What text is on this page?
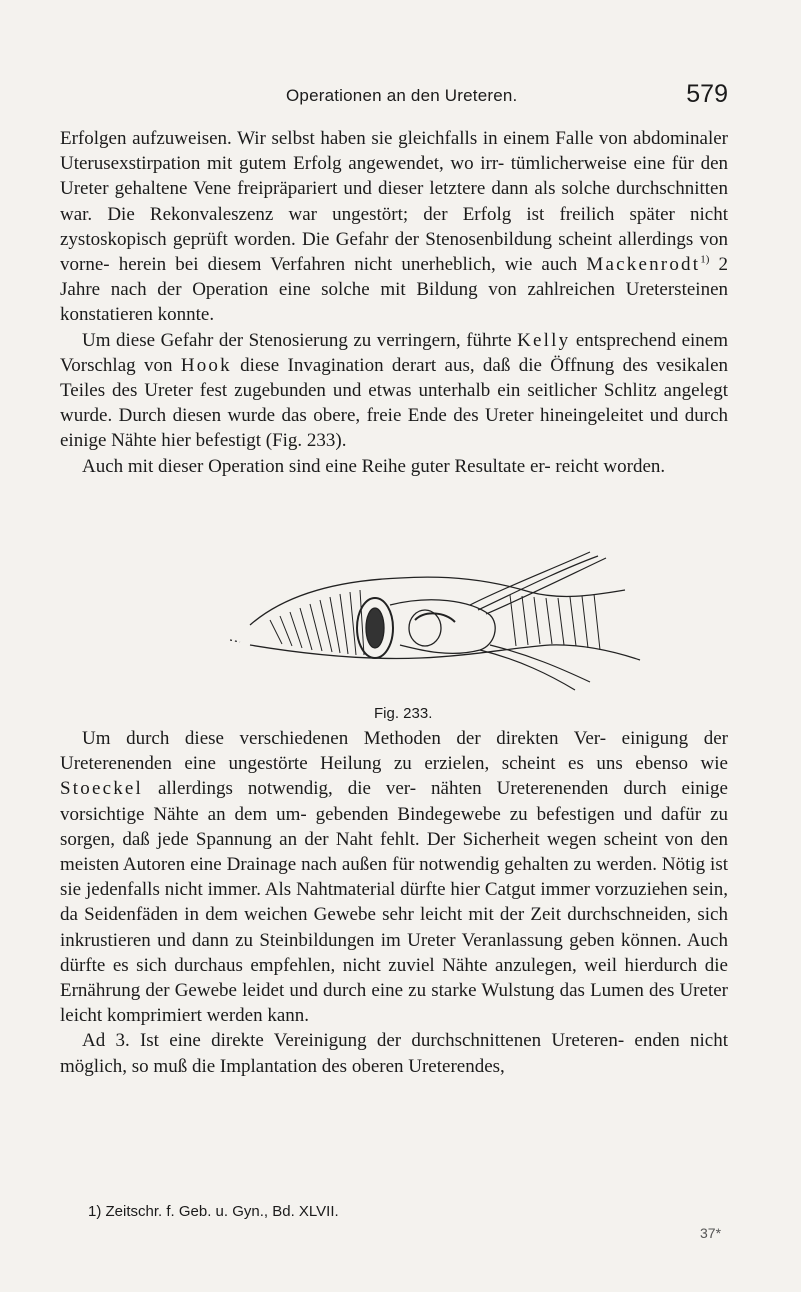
Operationen an den Ureteren.	579

Erfolgen aufzuweisen. Wir selbst haben sie gleichfalls in einem Falle von abdominaler Uterusexstirpation mit gutem Erfolg angewendet, wo irr- tümlicherweise eine für den Ureter gehaltene Vene freipräpariert und dieser letztere dann als solche durchschnitten war. Die Rekonvaleszenz war ungestört; der Erfolg ist freilich später nicht zystoskopisch geprüft worden. Die Gefahr der Stenosenbildung scheint allerdings von vorne- herein bei diesem Verfahren nicht unerheblich, wie auch Mackenrodt$^{1)}$ 2 Jahre nach der Operation eine solche mit Bildung von zahlreichen Uretersteinen konstatieren konnte.

Um diese Gefahr der Stenosierung zu verringern, führte Kelly entsprechend einem Vorschlag von Hook diese Invagination derart aus, daß die Öffnung des vesikalen Teiles des Ureter fest zugebunden und etwas unterhalb ein seitlicher Schlitz angelegt wurde. Durch diesen wurde das obere, freie Ende des Ureter hineingeleitet und durch einige Nähte hier befestigt (Fig. 233).

Auch mit dieser Operation sind eine Reihe guter Resultate er- reicht worden.

Fig. 233.

Um durch diese verschiedenen Methoden der direkten Ver- einigung der Ureterenenden eine ungestörte Heilung zu erzielen, scheint es uns ebenso wie Stoeckel allerdings notwendig, die ver- nähten Ureterenenden durch einige vorsichtige Nähte an dem um- gebenden Bindegewebe zu befestigen und dafür zu sorgen, daß jede Spannung an der Naht fehlt. Der Sicherheit wegen scheint von den meisten Autoren eine Drainage nach außen für notwendig gehalten zu werden. Nötig ist sie jedenfalls nicht immer. Als Nahtmaterial dürfte hier Catgut immer vorzuziehen sein, da Seidenfäden in dem weichen Gewebe sehr leicht mit der Zeit durchschneiden, sich inkrustieren und dann zu Steinbildungen im Ureter Veranlassung geben können. Auch dürfte es sich durchaus empfehlen, nicht zuviel Nähte anzulegen, weil hierdurch die Ernährung der Gewebe leidet und durch eine zu starke Wulstung das Lumen des Ureter leicht komprimiert werden kann.

Ad 3. Ist eine direkte Vereinigung der durchschnittenen Ureteren- enden nicht möglich, so muß die Implantation des oberen Ureterendes,

1) Zeitschr. f. Geb. u. Gyn., Bd. XLVII.
37*
